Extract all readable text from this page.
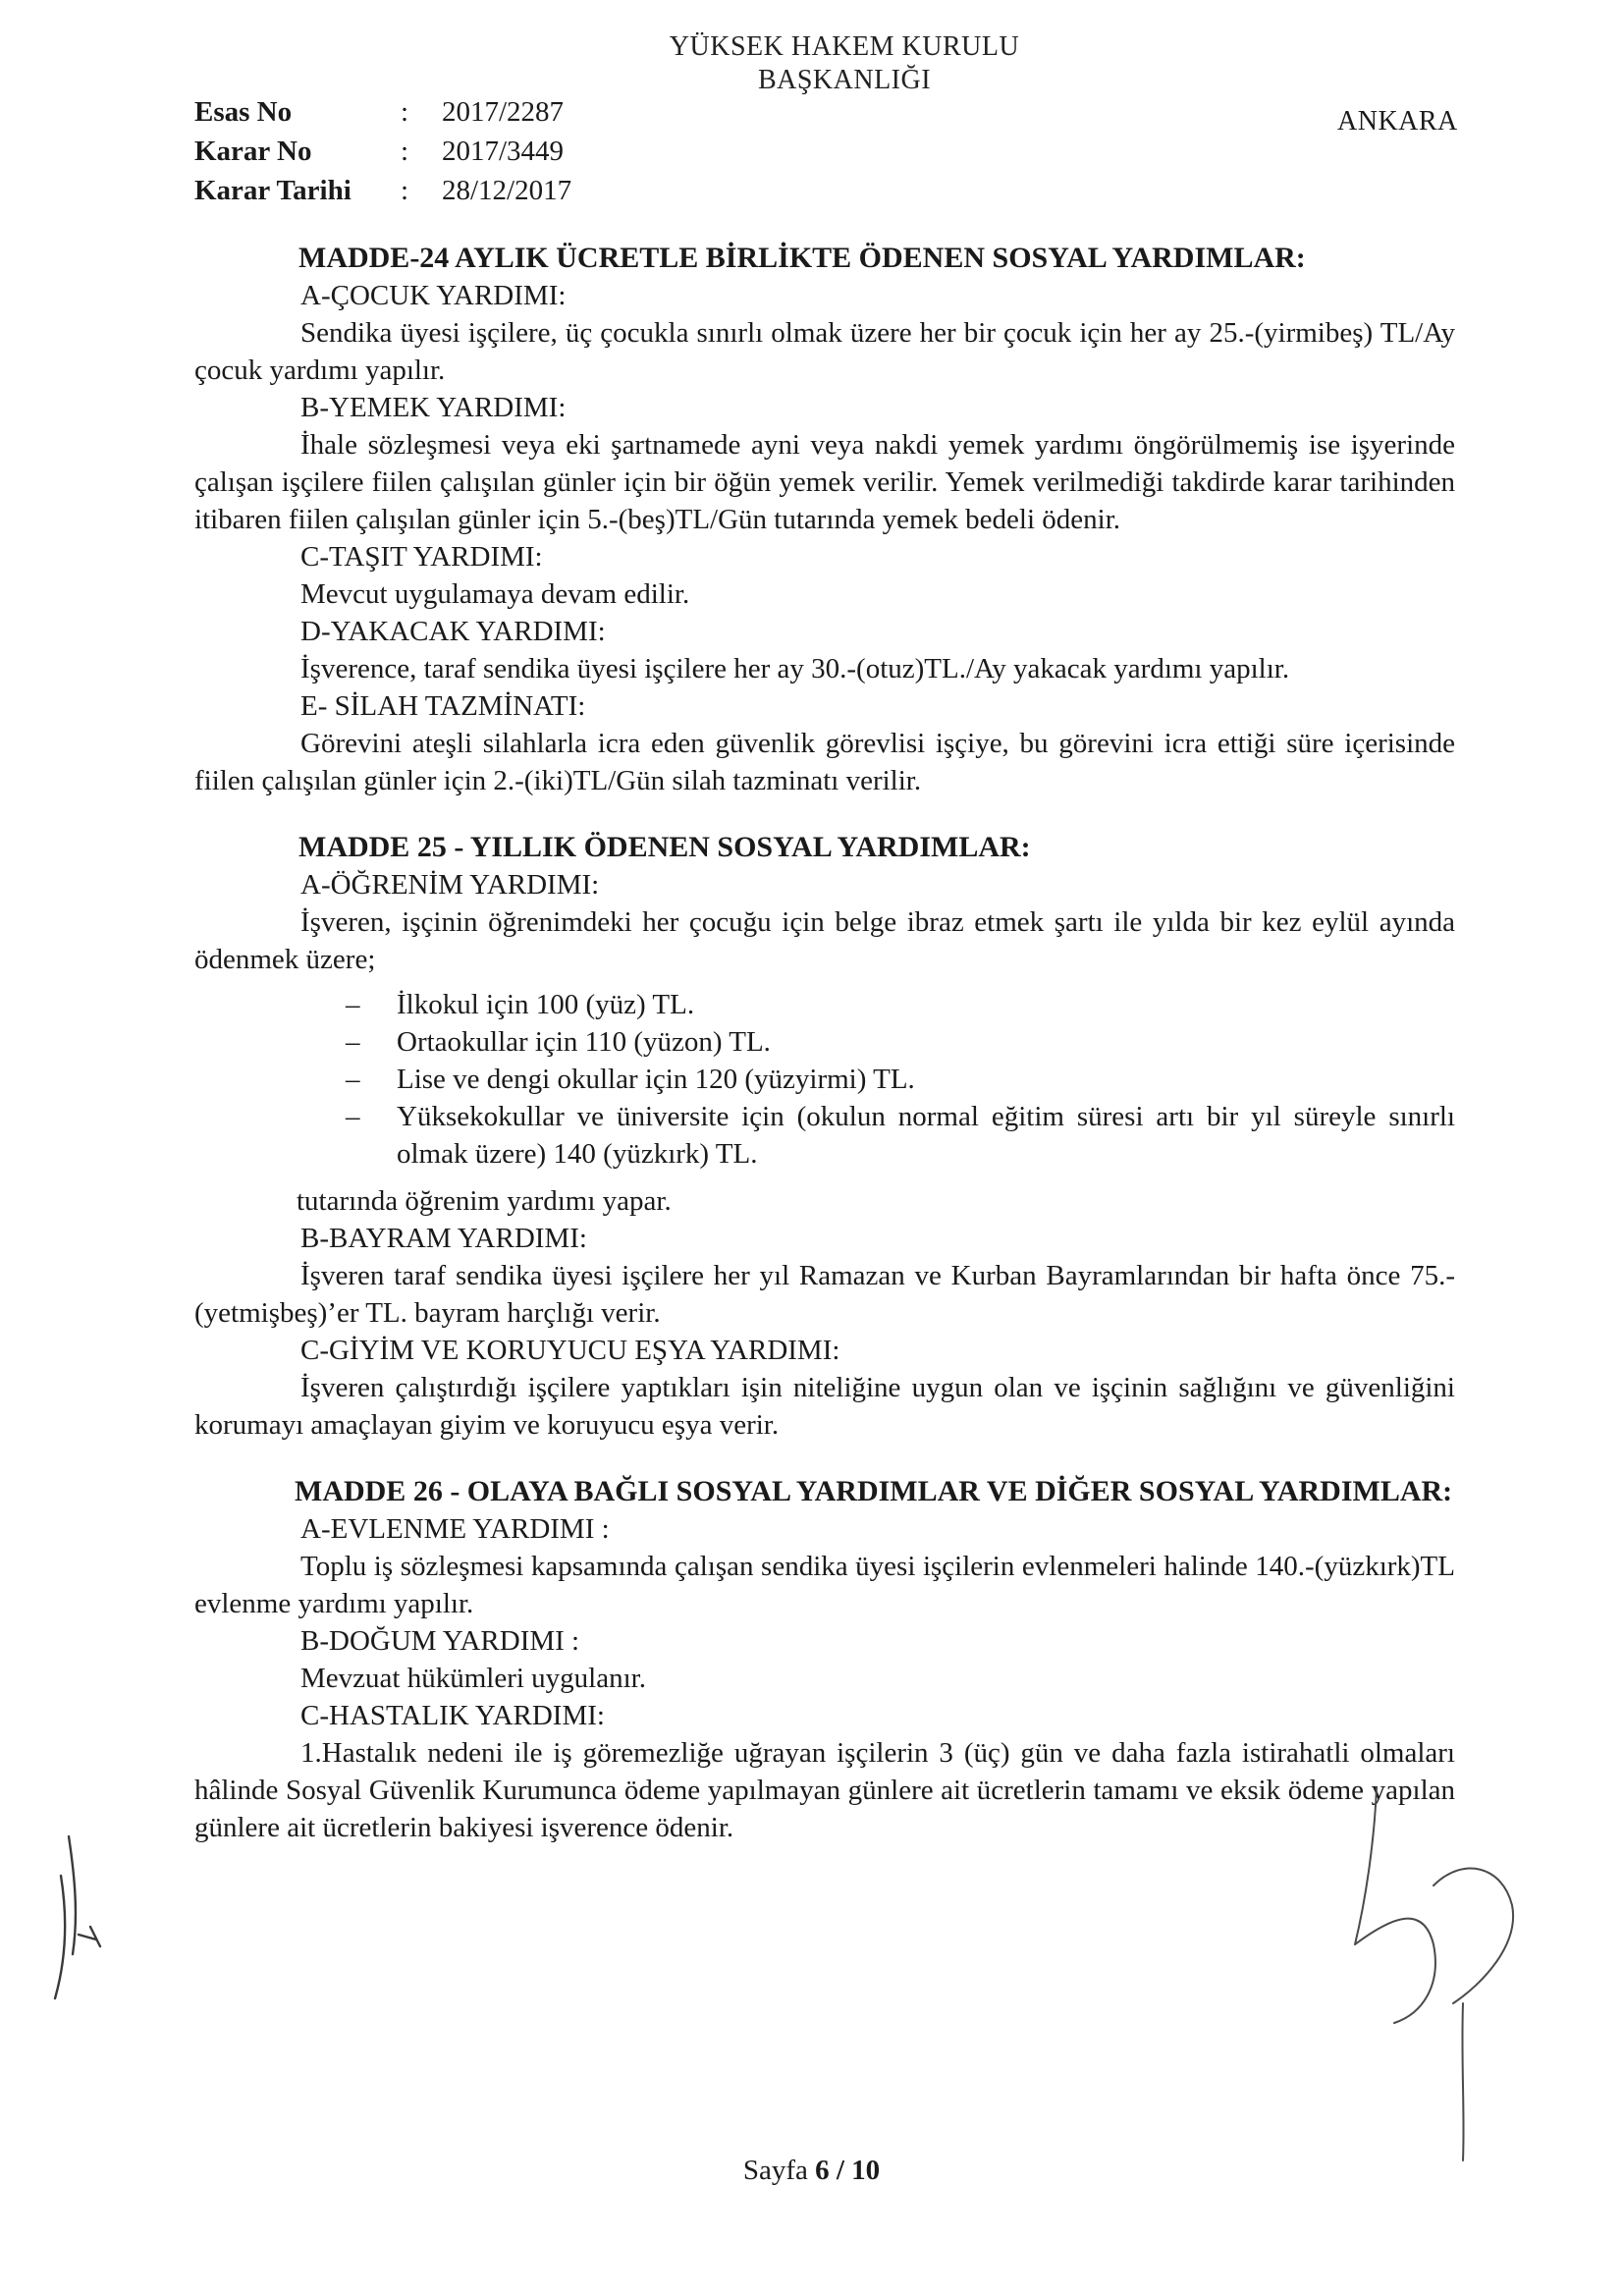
YÜKSEK HAKEM KURULU
BAŞKANLIĞI
Esas No	:	2017/2287
Karar No	:	2017/3449
Karar Tarihi	:	28/12/2017
ANKARA
MADDE-24 AYLIK ÜCRETLE BİRLİKTE ÖDENEN SOSYAL YARDIMLAR:
A-ÇOCUK YARDIMI:
Sendika üyesi işçilere, üç çocukla sınırlı olmak üzere her bir çocuk için her ay 25.-(yirmibeş) TL/Ay çocuk yardımı yapılır.
B-YEMEK YARDIMI:
İhale sözleşmesi veya eki şartnamede ayni veya nakdi yemek yardımı öngörülmemiş ise işyerinde çalışan işçilere fiilen çalışılan günler için bir öğün yemek verilir. Yemek verilmediği takdirde karar tarihinden itibaren fiilen çalışılan günler için 5.-(beş)TL/Gün tutarında yemek bedeli ödenir.
C-TAŞIT YARDIMI:
Mevcut uygulamaya devam edilir.
D-YAKACAK YARDIMI:
İşverence, taraf sendika üyesi işçilere her ay 30.-(otuz)TL./Ay yakacak yardımı yapılır.
E- SİLAH TAZMİNATI:
Görevini ateşli silahlarla icra eden güvenlik görevlisi işçiye, bu görevini icra ettiği süre içerisinde fiilen çalışılan günler için 2.-(iki)TL/Gün silah tazminatı verilir.
MADDE 25 - YILLIK ÖDENEN SOSYAL YARDIMLAR:
A-ÖĞRENİM YARDIMI:
İşveren, işçinin öğrenimdeki her çocuğu için belge ibraz etmek şartı ile yılda bir kez eylül ayında ödenmek üzere;
– İlkokul için 100 (yüz) TL.
– Ortaokullar için 110 (yüzon) TL.
– Lise ve dengi okullar için 120 (yüzyirmi) TL.
– Yüksekokullar ve üniversite için (okulun normal eğitim süresi artı bir yıl süreyle sınırlı olmak üzere) 140 (yüzkırk) TL.
tutarında öğrenim yardımı yapar.
B-BAYRAM YARDIMI:
İşveren taraf sendika üyesi işçilere her yıl Ramazan ve Kurban Bayramlarından bir hafta önce 75.-(yetmişbeş)’er TL. bayram harçlığı verir.
C-GİYİM VE KORUYUCU EŞYA YARDIMI:
İşveren çalıştırdığı işçilere yaptıkları işin niteliğine uygun olan ve işçinin sağlığını ve güvenliğini korumayı amaçlayan giyim ve koruyucu eşya verir.
MADDE 26 - OLAYA BAĞLI SOSYAL YARDIMLAR VE DİĞER SOSYAL YARDIMLAR:
A-EVLENME YARDIMI :
Toplu iş sözleşmesi kapsamında çalışan sendika üyesi işçilerin evlenmeleri halinde 140.-(yüzkırk)TL evlenme yardımı yapılır.
B-DOĞUM YARDIMI :
Mevzuat hükümleri uygulanır.
C-HASTALIK YARDIMI:
1.Hastalık nedeni ile iş göremezliğe uğrayan işçilerin 3 (üç) gün ve daha fazla istirahatli olmaları hâlinde Sosyal Güvenlik Kurumunca ödeme yapılmayan günlere ait ücretlerin tamamı ve eksik ödeme yapılan günlere ait ücretlerin bakiyesi işverence ödenir.
Sayfa 6 / 10
